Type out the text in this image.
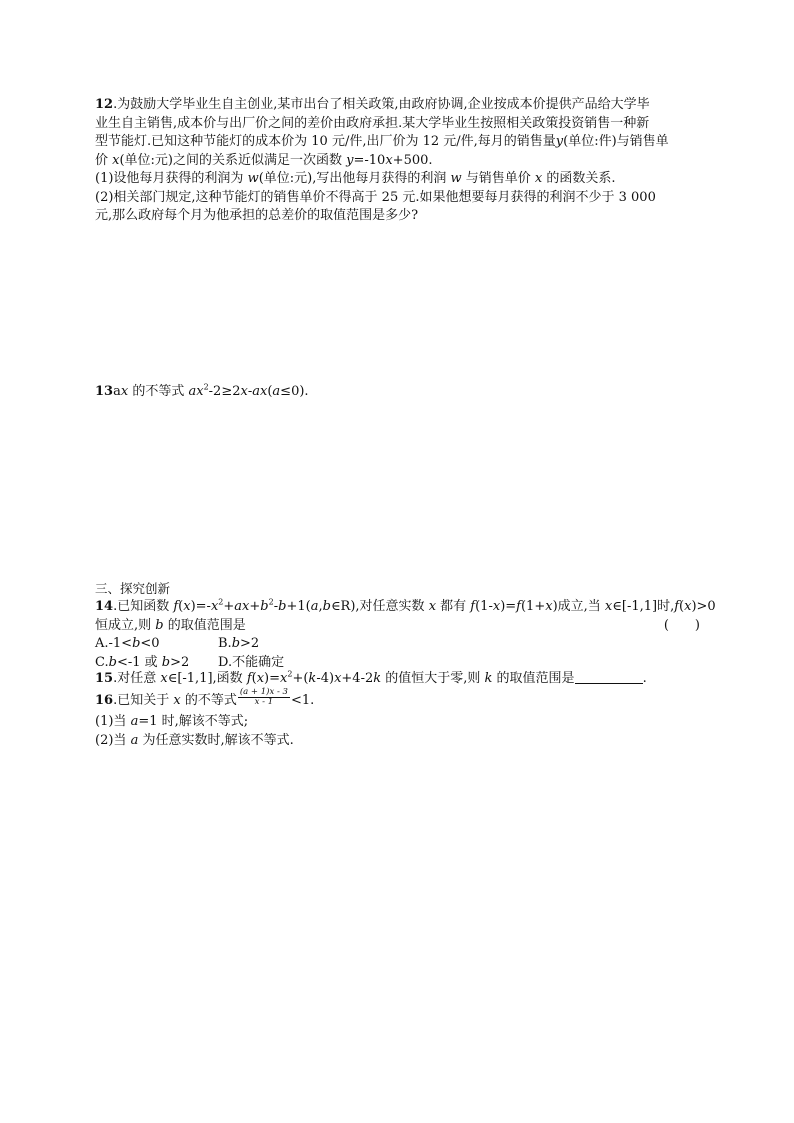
12.为鼓励大学毕业生自主创业,某市出台了相关政策,由政府协调,企业按成本价提供产品给大学毕
业生自主销售,成本价与出厂价之间的差价由政府承担.某大学毕业生按照相关政策投资销售一种新
型节能灯.已知这种节能灯的成本价为 10 元/件,出厂价为 12 元/件,每月的销售量y(单位:件)与销售单
价 x(单位:元)之间的关系近似满足一次函数 y=-10x+500.
(1)设他每月获得的利润为 w(单位:元),写出他每月获得的利润 w 与销售单价 x 的函数关系.
(2)相关部门规定,这种节能灯的销售单价不得高于 25 元.如果他想要每月获得的利润不少于 3 000
元,那么政府每个月为他承担的总差价的取值范围是多少?
13ax 的不等式 $ax^2-2\ge 2x-ax(a\le 0)$.
三、探究创新
14.已知函数 $f(x)=-x^2+ax+b^2-b+1(a,b\in R)$,对任意实数 x 都有 f(1-x)=f(1+x)成立,当 x∈[-1,1]时,f(x)>0
恒成立,则 b 的取值范围是	(　　)
A.-1<b<0	B.b>2
C.b<-1 或 b>2 D.不能确定
15.对任意 x∈[-1,1],函数 $f(x)=x^2+(k-4)x+4-2k$ 的值恒大于零,则 k 的取值范围是	.
16.已知关于 x 的不等式 $\frac{(a + 1)x - 3}{x - 1} <1$.
(1)当 a=1 时,解该不等式;
(2)当 a 为任意实数时,解该不等式.
